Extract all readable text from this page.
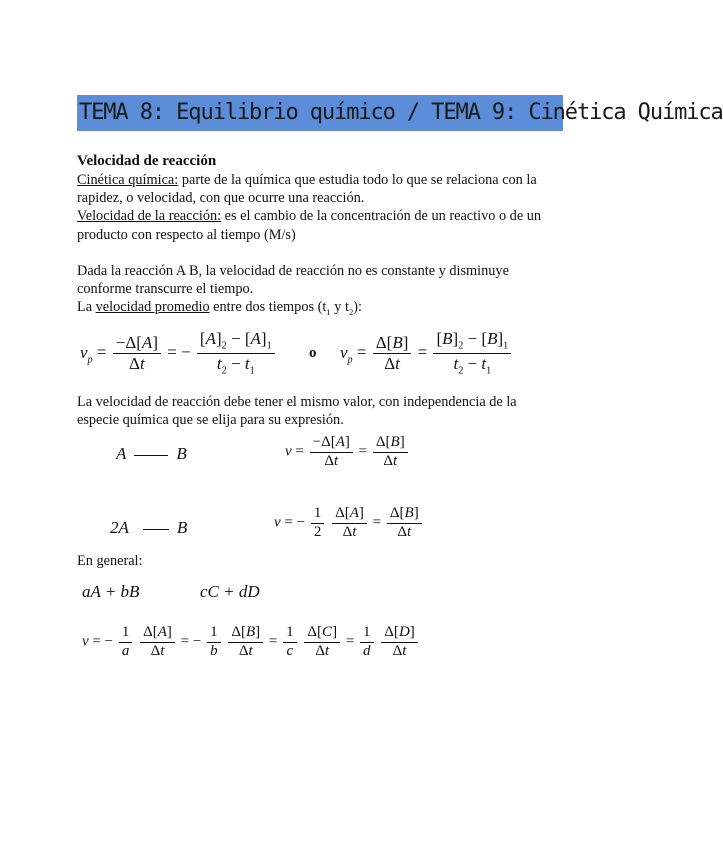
TEMA 8: Equilibrio químico / TEMA 9: Cinética Química
Velocidad de reacción
Cinética química: parte de la química que estudia todo lo que se relaciona con la
rapidez, o velocidad, con que ocurre una reacción.
Velocidad de la reacción: es el cambio de la concentración de un reactivo o de un
producto con respecto al tiempo (M/s)
Dada la reacción A B, la velocidad de reacción no es constante y disminuye
conforme transcurre el tiempo.
La velocidad promedio entre dos tiempos ($t_1$ y $t_2$):
$v_p = \frac{-\Delta[A]}{\Delta t}$ = − $\frac{[A]_2 - [A]_1}{t_2 - t_1}$ o $v_p = \frac{\Delta[B]}{\Delta t} = \frac{[B]_2 - [B]_1}{t_2 - t_1}$
La velocidad de reacción debe tener el mismo valor, con independencia de la
especie química que se elija para su expresión.
A	B	$v = \frac{-\Delta[A]}{\Delta t} = \frac{\Delta[B]}{\Delta t}$
2A	B	v = − $\frac{1}{2}$
$\frac{\Delta[A]}{\Delta t} = \frac{\Delta[B]}{\Delta t}$
En general:
aA + bB	cC + dD
v = − $\frac{1}{a}$
$\frac{\Delta[A]}{\Delta t}$ = − $\frac{1}{b}$
$\frac{\Delta[B]}{\Delta t} = \frac{1}{c}$
$\frac{\Delta[C]}{\Delta t} = \frac{1}{d}$
$\frac{\Delta[D]}{\Delta t}$
